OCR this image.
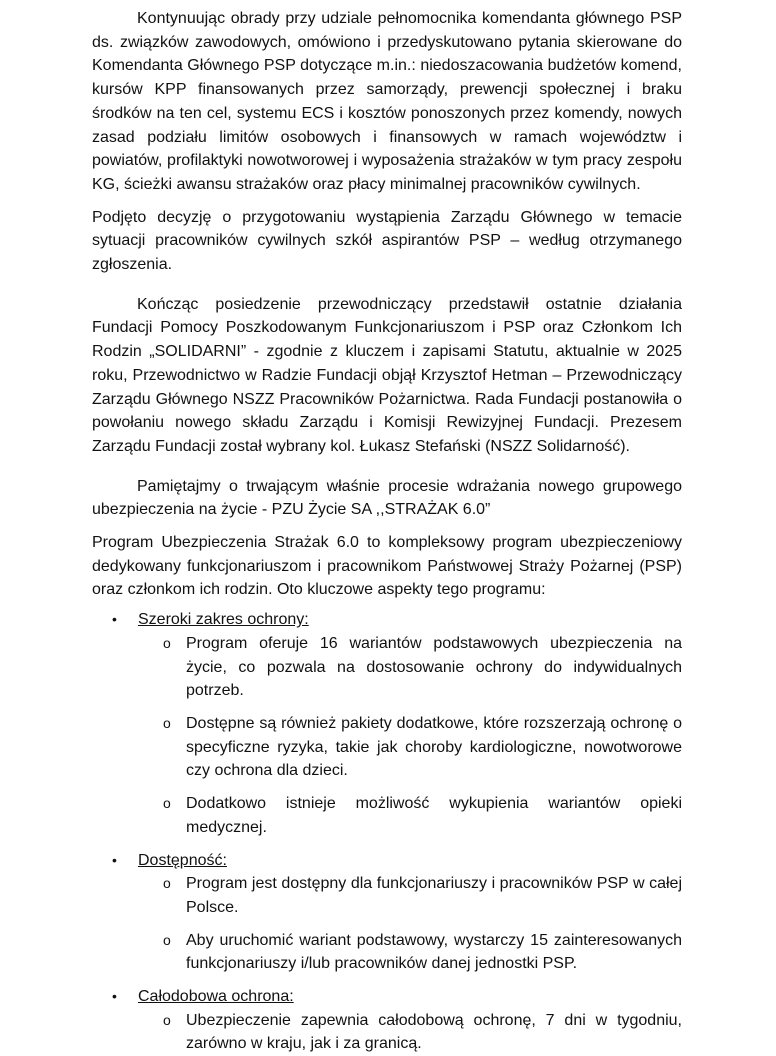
Kontynuując obrady przy udziale pełnomocnika komendanta głównego PSP ds. związków zawodowych, omówiono i przedyskutowano pytania skierowane do Komendanta Głównego PSP dotyczące m.in.: niedoszacowania budżetów komend, kursów KPP finansowanych przez samorządy, prewencji społecznej i braku środków na ten cel, systemu ECS i kosztów ponoszonych przez komendy, nowych zasad podziału limitów osobowych i finansowych w ramach województw i powiatów, profilaktyki nowotworowej i wyposażenia strażaków w tym pracy zespołu KG, ścieżki awansu strażaków oraz płacy minimalnej pracowników cywilnych.

Podjęto decyzję o przygotowaniu wystąpienia Zarządu Głównego w temacie sytuacji pracowników cywilnych szkół aspirantów PSP – według otrzymanego zgłoszenia.

Kończąc posiedzenie przewodniczący przedstawił ostatnie działania Fundacji Pomocy Poszkodowanym Funkcjonariuszom i PSP oraz Członkom Ich Rodzin „SOLIDARNI” - zgodnie z kluczem i zapisami Statutu, aktualnie w 2025 roku, Przewodnictwo w Radzie Fundacji objął Krzysztof Hetman – Przewodniczący Zarządu Głównego NSZZ Pracowników Pożarnictwa. Rada Fundacji postanowiła o powołaniu nowego składu Zarządu i Komisji Rewizyjnej Fundacji. Prezesem Zarządu Fundacji został wybrany kol. Łukasz Stefański (NSZZ Solidarność).

Pamiętajmy o trwającym właśnie procesie wdrażania nowego grupowego ubezpieczenia na życie - PZU Życie SA ,,STRAŻAK 6.0”

Program Ubezpieczenia Strażak 6.0 to kompleksowy program ubezpieczeniowy dedykowany funkcjonariuszom i pracownikom Państwowej Straży Pożarnej (PSP) oraz członkom ich rodzin. Oto kluczowe aspekty tego programu:

• Szeroki zakres ochrony:
o Program oferuje 16 wariantów podstawowych ubezpieczenia na życie, co pozwala na dostosowanie ochrony do indywidualnych potrzeb.
o Dostępne są również pakiety dodatkowe, które rozszerzają ochronę o specyficzne ryzyka, takie jak choroby kardiologiczne, nowotworowe czy ochrona dla dzieci.
o Dodatkowo istnieje możliwość wykupienia wariantów opieki medycznej.
• Dostępność:
o Program jest dostępny dla funkcjonariuszy i pracowników PSP w całej Polsce.
o Aby uruchomić wariant podstawowy, wystarczy 15 zainteresowanych funkcjonariuszy i/lub pracowników danej jednostki PSP.
• Całodobowa ochrona:
o Ubezpieczenie zapewnia całodobową ochronę, 7 dni w tygodniu, zarówno w kraju, jak i za granicą.
